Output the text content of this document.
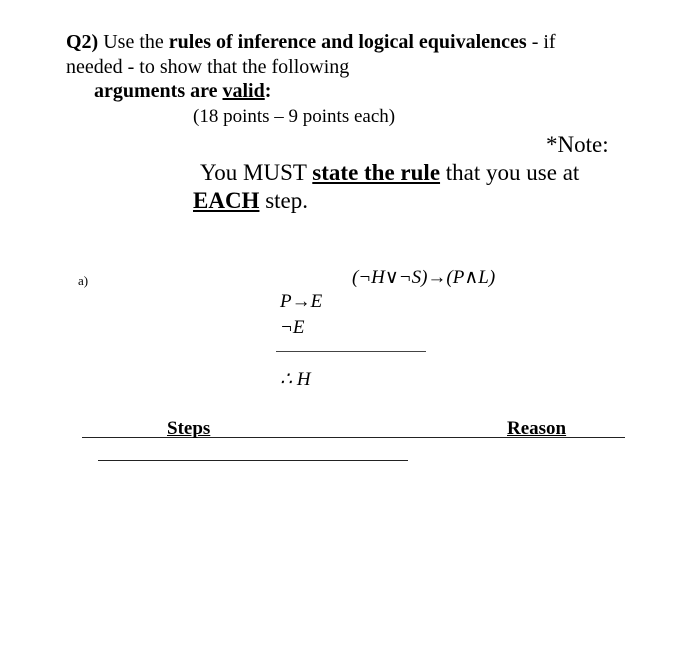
Q2) Use the rules of inference and logical equivalences - if
needed - to show that the following
arguments are valid:
(18 points – 9 points each)
*Note:
You MUST state the rule that you use at
EACH step.
a)	(¬H∨¬S)→(P∧L)
P→E
¬E
∴ H
Steps	Reason
